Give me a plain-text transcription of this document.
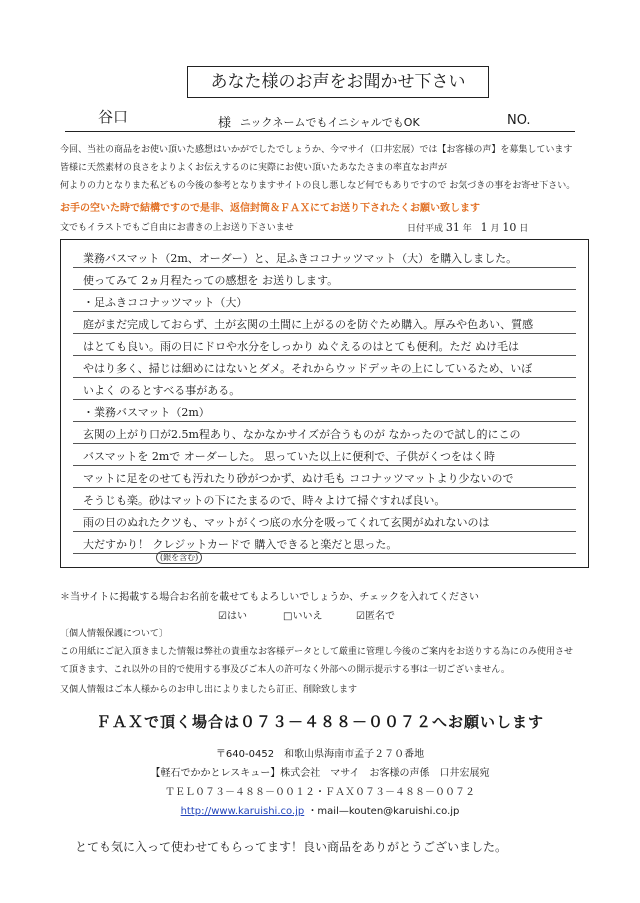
あなた様のお声をお聞かせ下さい
谷口	様 ニックネームでもイニシャルでもOK	NO.
今回、当社の商品をお使い頂いた感想はいかがでしたでしょうか、今マサイ（口井宏展）では【お客様の声】を募集しています
皆様に天然素材の良さをよりよくお伝えするのに実際にお使い頂いたあなたさまの率直なお声が
何よりの力となりまた私どもの今後の参考となりますサイトの良し悪しなど何でもありですので お気づきの事をお寄せ下さい。
お手の空いた時で結構ですので是非、返信封筒＆ＦＡＸにてお送り下されたくお願い致します
文でもイラストでもご自由にお書きの上お送り下さいませ	日付平成 31 年 1 月 10 日
業務バスマット（2m、オーダー）と、足ふきココナッツマット（大）を購入しました。
使ってみて 2ヵ月程たっての感想を お送りします。
・足ふきココナッツマット（大）
庭がまだ完成しておらず、土が玄関の土間に上がるのを防ぐため購入。厚みや色あい、質感
はとても良い。雨の日にドロや水分をしっかり ぬぐえるのはとても便利。ただ ぬけ毛は
やはり多く、掃じは細めにはないとダメ。それからウッドデッキの上にしているため、いぼ
いよく のるとすべる事がある。
・業務バスマット（2m）
玄関の上がり口が2.5m程あり、なかなかサイズが合うものが なかったので試し的にこの
バスマットを 2mで オーダーした。 思っていた以上に便利で、子供がくつをはく時
マットに足をのせても汚れたり砂がつかず、ぬけ毛も ココナッツマットより少ないので
そうじも楽。砂はマットの下にたまるので、時々よけて掃ぐすれば良い。
雨の日のぬれたクツも、マットがくつ底の水分を吸ってくれて玄関がぬれないのは
大だすかり！ クレジットカードで 購入できると楽だと思った。
(銀を含む)
＊当サイトに掲載する場合お名前を載せてもよろしいでしょうか、チェックを入れてください
☑はい	□いいえ	☑匿名で
〔個人情報保護について〕
この用紙にご記入頂きました情報は弊社の貴重なお客様データとして厳重に管理し今後のご案内をお送りする為にのみ使用させ
て頂きます、これ以外の目的で使用する事及びご本人の許可なく外部への開示提示する事は一切ございません。
又個人情報はご本人様からのお申し出によりましたら訂正、削除致します
ＦＡＸで頂く場合は０７３－４８８－００７２へお願いします
〒640-0452　和歌山県海南市孟子２７０番地
【軽石でかかとレスキュー】株式会社　マサイ　お客様の声係　口井宏展宛
ＴＥＬ０７３－４８８－００１２・ＦＡＸ０７３－４８８－００７２
http://www.karuishi.co.jp ・mail—kouten@karuishi.co.jp
とても気に入って使わせてもらってます！良い商品をありがとうございました。
